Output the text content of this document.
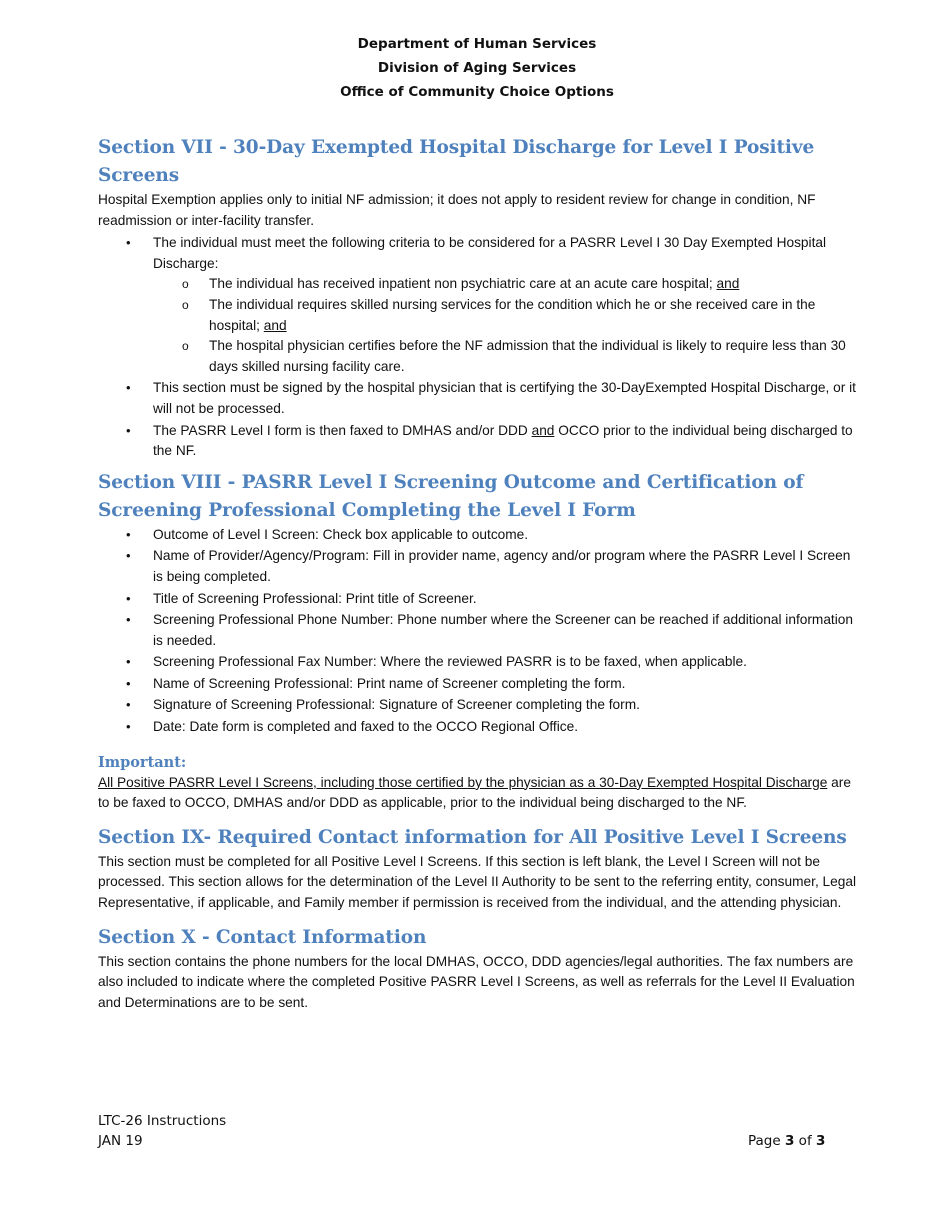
Department of Human Services
Division of Aging Services
Office of Community Choice Options
Section VII - 30-Day Exempted Hospital Discharge for Level I Positive Screens

Hospital Exemption applies only to initial NF admission; it does not apply to resident review for change in condition, NF readmission or inter-facility transfer.

• The individual must meet the following criteria to be considered for a PASRR Level I 30 Day Exempted Hospital Discharge:
o The individual has received inpatient non psychiatric care at an acute care hospital; and
o The individual requires skilled nursing services for the condition which he or she received care in the hospital; and
o The hospital physician certifies before the NF admission that the individual is likely to require less than 30 days skilled nursing facility care.
• This section must be signed by the hospital physician that is certifying the 30-DayExempted Hospital Discharge, or it will not be processed.
• The PASRR Level I form is then faxed to DMHAS and/or DDD and OCCO prior to the individual being discharged to the NF.
Section VIII - PASRR Level I Screening Outcome and Certification of Screening Professional Completing the Level I Form
• Outcome of Level I Screen: Check box applicable to outcome.
• Name of Provider/Agency/Program: Fill in provider name, agency and/or program where the PASRR Level I Screen is being completed.
• Title of Screening Professional: Print title of Screener.
• Screening Professional Phone Number: Phone number where the Screener can be reached if additional information is needed.
• Screening Professional Fax Number: Where the reviewed PASRR is to be faxed, when applicable.
• Name of Screening Professional: Print name of Screener completing the form.
• Signature of Screening Professional: Signature of Screener completing the form.
• Date: Date form is completed and faxed to the OCCO Regional Office.
Important:

All Positive PASRR Level I Screens, including those certified by the physician as a 30-Day Exempted Hospital Discharge are to be faxed to OCCO, DMHAS and/or DDD as applicable, prior to the individual being discharged to the NF.

Section IX- Required Contact information for All Positive Level I Screens

This section must be completed for all Positive Level I Screens. If this section is left blank, the Level I Screen will not be processed. This section allows for the determination of the Level II Authority to be sent to the referring entity, consumer, Legal Representative, if applicable, and Family member if permission is received from the individual, and the attending physician.

Section X - Contact Information

This section contains the phone numbers for the local DMHAS, OCCO, DDD agencies/legal authorities. The fax numbers are also included to indicate where the completed Positive PASRR Level I Screens, as well as referrals for the Level II Evaluation and Determinations are to be sent.

LTC-26 Instructions
JAN 19	Page 3 of 3
